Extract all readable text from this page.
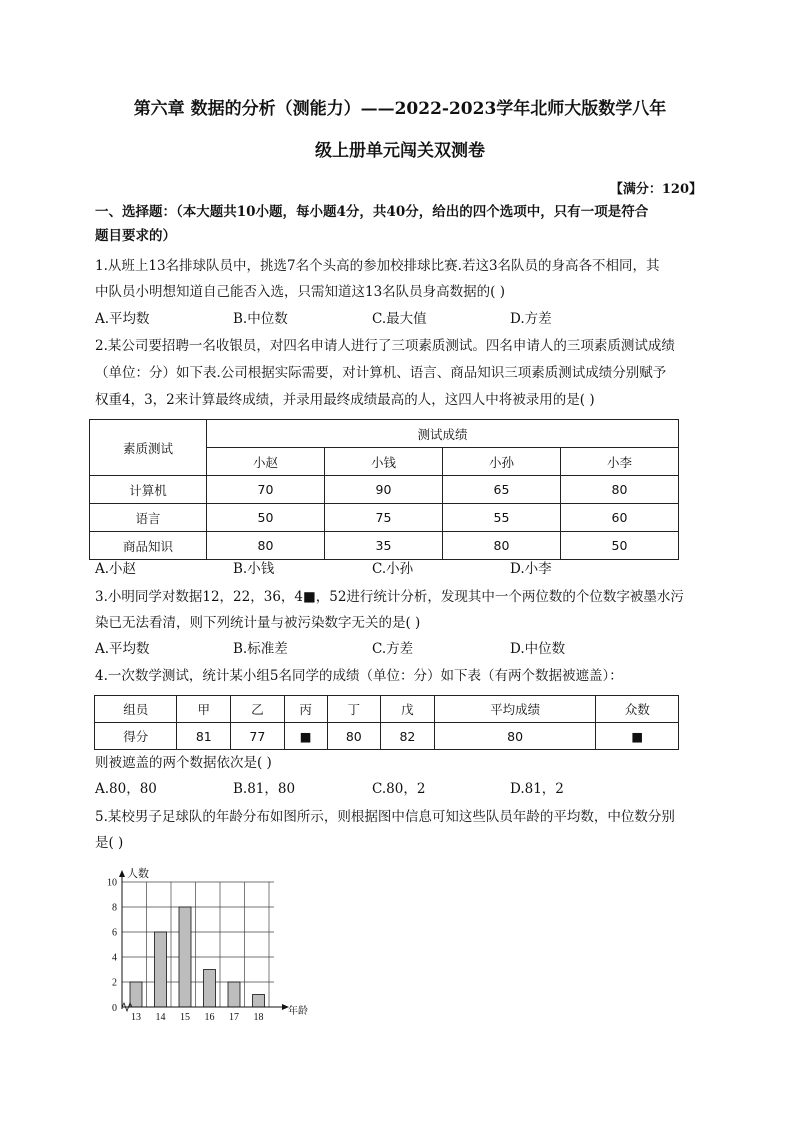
第六章 数据的分析（测能力）——2022-2023学年北师大版数学八年
级上册单元闯关双测卷
【满分：120】
一、选择题：（本大题共10小题，每小题4分，共40分，给出的四个选项中，只有一项是符合
题目要求的）
1.从班上13名排球队员中，挑选7名个头高的参加校排球比赛.若这3名队员的身高各不相同，其
中队员小明想知道自己能否入选，只需知道这13名队员身高数据的( )
A.平均数	B.中位数	C.最大值	D.方差
2.某公司要招聘一名收银员，对四名申请人进行了三项素质测试。四名申请人的三项素质测试成绩
（单位：分）如下表.公司根据实际需要，对计算机、语言、商品知识三项素质测试成绩分别赋予
权重4，3，2来计算最终成绩，并录用最终成绩最高的人，这四人中将被录用的是( )
素质测试	测试成绩			
	小赵	小钱	小孙	小李
计算机	70	90	65	80
语言	50	75	55	60
商品知识	80	35	80	50
A.小赵	B.小钱	C.小孙	D.小李
3.小明同学对数据12，22，36，4■，52进行统计分析，发现其中一个两位数的个位数字被墨水污
染已无法看清，则下列统计量与被污染数字无关的是( )
A.平均数	B.标准差	C.方差	D.中位数
4.一次数学测试，统计某小组5名同学的成绩（单位：分）如下表（有两个数据被遮盖）：
组员	甲	乙	丙	丁	戊	平均成绩	众数
得分	81	77	■	80	82	80	■
则被遮盖的两个数据依次是( )
A.80，80	B.81，80	C.80，2	D.81，2
5.某校男子足球队的年龄分布如图所示，则根据图中信息可知这些队员年龄的平均数，中位数分别
是( )
0
2
4
6
8
10
13 14 15 16 17 18
人数
年龄
